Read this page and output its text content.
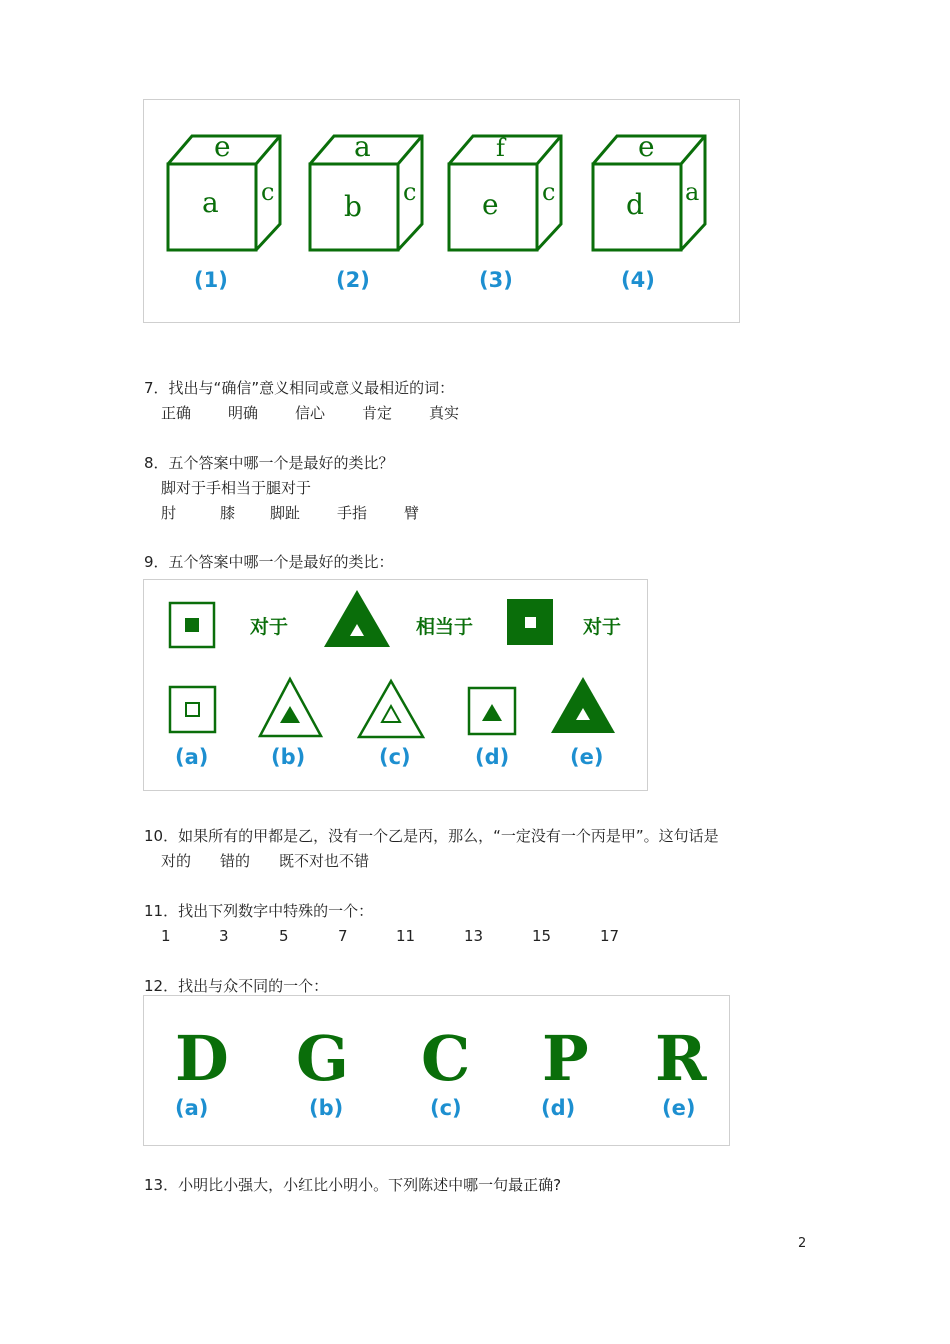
e
a c
(1)
a
b c
(2)
f
e c
(3)
e
d a
(4)
7．找出与“确信”意义相同或意义最相近的词：
正确 明确 信心 肯定 真实
8．五个答案中哪一个是最好的类比？
脚对于手相当于腿对于
肘	膝 脚趾 手指 臂
9．五个答案中哪一个是最好的类比：
对于	相当于	对于
(a)	(b)	(c)	(d)	(e)
10．如果所有的甲都是乙，没有一个乙是丙，那么，“一定没有一个丙是甲”。这句话是
对的 错的 既不对也不错
11．找出下列数字中特殊的一个：
1	3	5	7	11	13	15	17
12．找出与众不同的一个：
D G C P R
(a)	(b)	(c)	(d)	(e)
13．小明比小强大，小红比小明小。下列陈述中哪一句最正确?
2
